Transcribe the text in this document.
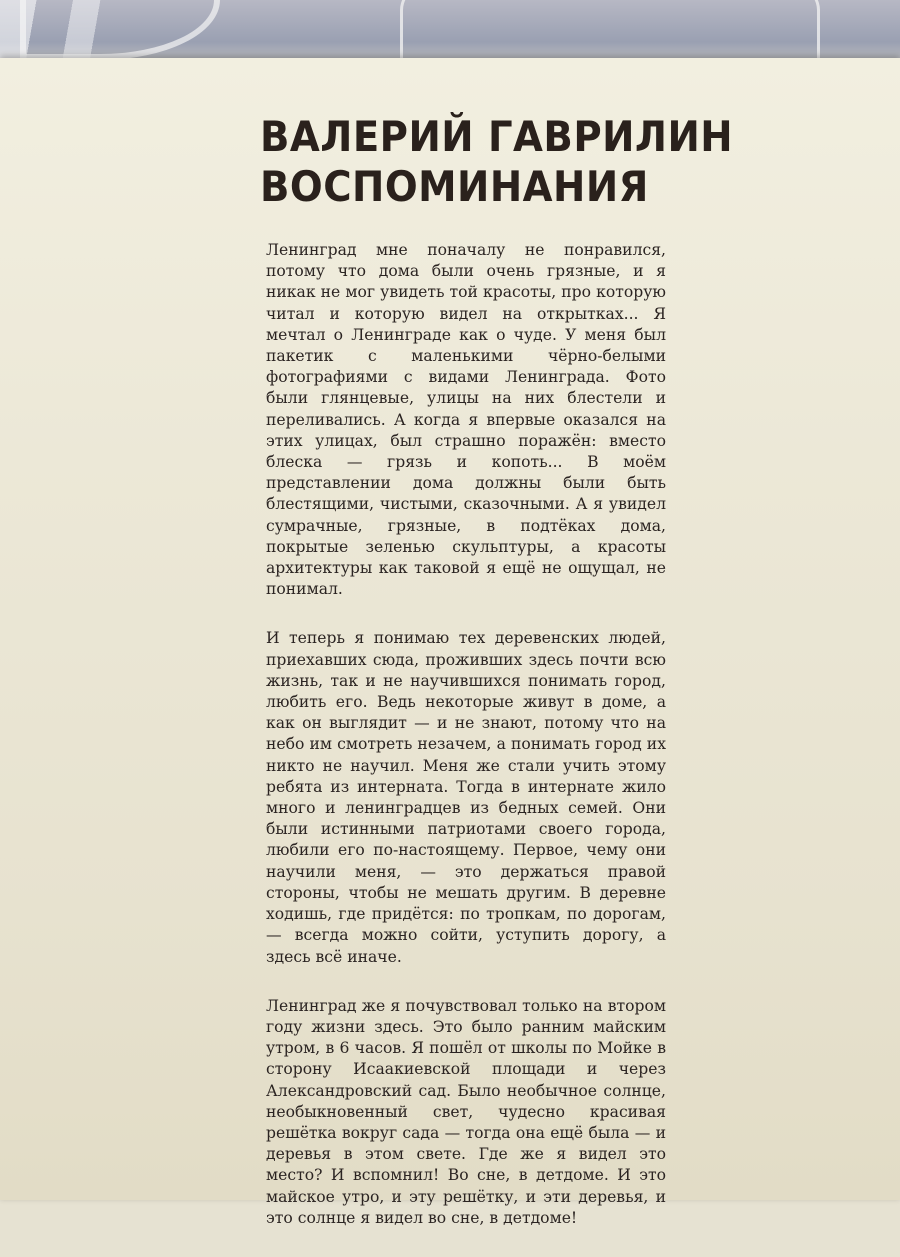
ВАЛЕРИЙ ГАВРИЛИН
ВОСПОМИНАНИЯ

Ленинград мне поначалу не понравился, потому что дома были очень грязные, и я никак не мог увидеть той красоты, про которую читал и которую видел на открытках... Я мечтал о Ленинграде как о чуде. У меня был пакетик с маленькими чёрно-белыми фотографиями с видами Ленинграда. Фото были глянцевые, улицы на них блестели и переливались. А когда я впервые оказался на этих улицах, был страшно поражён: вместо блеска — грязь и копоть... В моём представлении дома должны были быть блестящими, чистыми, сказочными. А я увидел сумрачные, грязные, в подтёках дома, покрытые зеленью скульптуры, а красоты архитектуры как таковой я ещё не ощущал, не понимал.

И теперь я понимаю тех деревенских людей, приехавших сюда, проживших здесь почти всю жизнь, так и не научившихся понимать город, любить его. Ведь некоторые живут в доме, а как он выглядит — и не знают, потому что на небо им смотреть незачем, а понимать город их никто не научил. Меня же стали учить этому ребята из интерната. Тогда в интернате жило много и ленинградцев из бедных семей. Они были истинными патриотами своего города, любили его по-настоящему. Первое, чему они научили меня, — это держаться правой стороны, чтобы не мешать другим. В деревне ходишь, где придётся: по тропкам, по дорогам, — всегда можно сойти, уступить дорогу, а здесь всё иначе.

Ленинград же я почувствовал только на втором году жизни здесь. Это было ранним майским утром, в 6 часов. Я пошёл от школы по Мойке в сторону Исаакиевской площади и через Александровский сад. Было необычное солнце, необыкновенный свет, чудесно красивая решётка вокруг сада — тогда она ещё была — и деревья в этом свете. Где же я видел это место? И вспомнил! Во сне, в детдоме. И это майское утро, и эту решётку, и эти деревья, и это солнце я видел во сне, в детдоме!
